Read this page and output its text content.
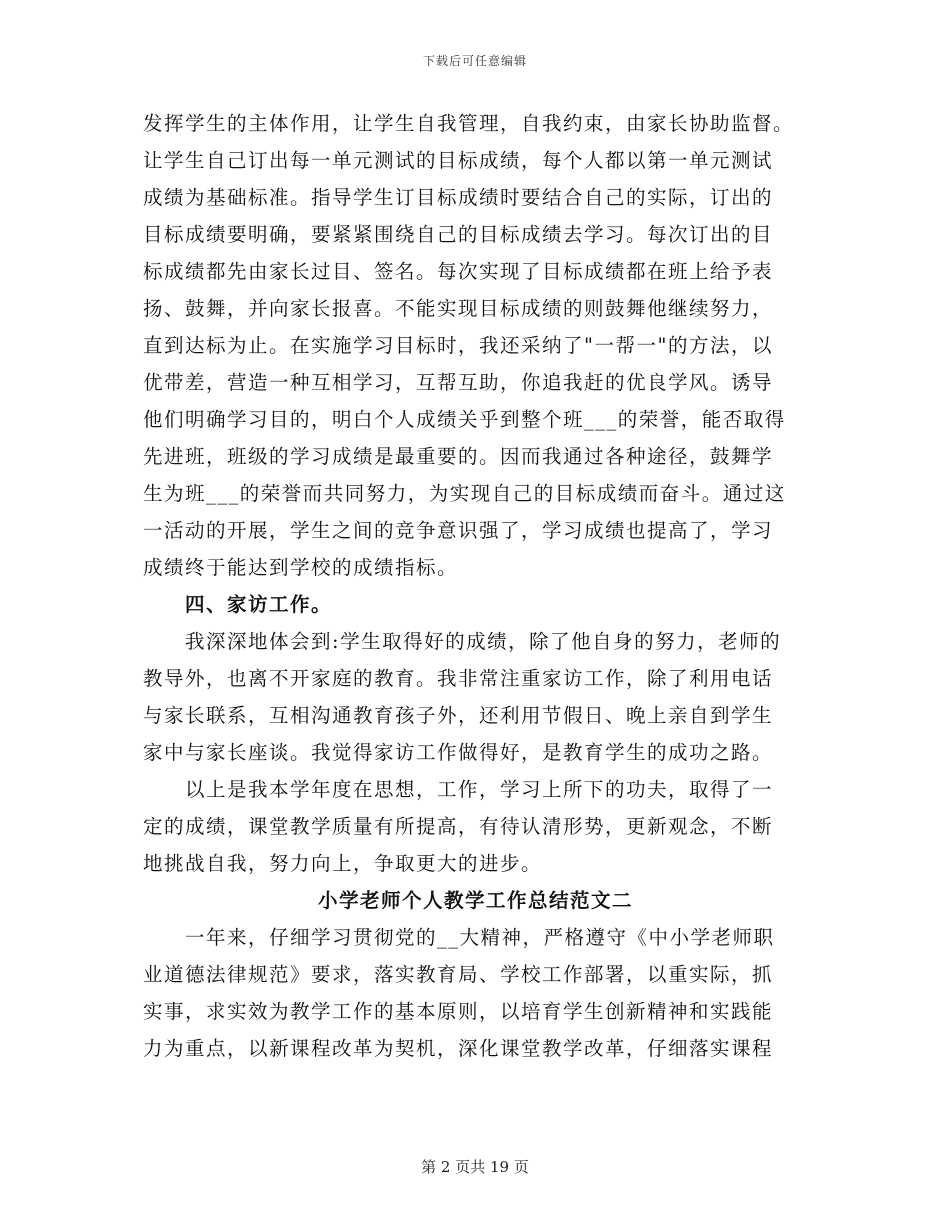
下载后可任意编辑
发挥学生的主体作用，让学生自我管理，自我约束，由家长协助监督。
让学生自己订出每一单元测试的目标成绩，每个人都以第一单元测试
成绩为基础标准。指导学生订目标成绩时要结合自己的实际，订出的
目标成绩要明确，要紧紧围绕自己的目标成绩去学习。每次订出的目
标成绩都先由家长过目、签名。每次实现了目标成绩都在班上给予表
扬、鼓舞，并向家长报喜。不能实现目标成绩的则鼓舞他继续努力，
直到达标为止。在实施学习目标时，我还采纳了"一帮一"的方法，以
优带差，营造一种互相学习，互帮互助，你追我赶的优良学风。诱导
他们明确学习目的，明白个人成绩关乎到整个班___的荣誉，能否取得
先进班，班级的学习成绩是最重要的。因而我通过各种途径，鼓舞学
生为班___的荣誉而共同努力，为实现自己的目标成绩而奋斗。通过这
一活动的开展，学生之间的竞争意识强了，学习成绩也提高了，学习
成绩终于能达到学校的成绩指标。
四、家访工作。
我深深地体会到:学生取得好的成绩，除了他自身的努力，老师的
教导外，也离不开家庭的教育。我非常注重家访工作，除了利用电话
与家长联系，互相沟通教育孩子外，还利用节假日、晚上亲自到学生
家中与家长座谈。我觉得家访工作做得好，是教育学生的成功之路。
以上是我本学年度在思想，工作，学习上所下的功夫，取得了一
定的成绩，课堂教学质量有所提高，有待认清形势，更新观念，不断
地挑战自我，努力向上，争取更大的进步。
小学老师个人教学工作总结范文二
一年来，仔细学习贯彻党的__大精神，严格遵守《中小学老师职
业道德法律规范》要求，落实教育局、学校工作部署，以重实际，抓
实事，求实效为教学工作的基本原则，以培育学生创新精神和实践能
力为重点，以新课程改革为契机，深化课堂教学改革，仔细落实课程
第 2 页共 19 页
